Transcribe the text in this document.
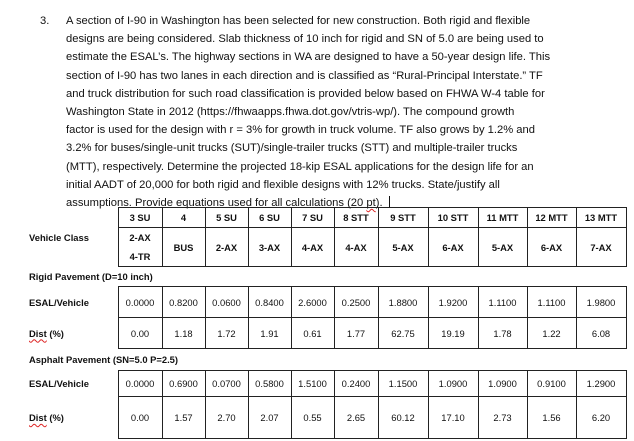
3. A section of I-90 in Washington has been selected for new construction. Both rigid and flexible
designs are being considered. Slab thickness of 10 inch for rigid and SN of 5.0 are being used to
estimate the ESAL’s. The highway sections in WA are designed to have a 50-year design life. This
section of I-90 has two lanes in each direction and is classified as “Rural-Principal Interstate.” TF
and truck distribution for such road classification is provided below based on FHWA W-4 table for
Washington State in 2012 (https://fhwaapps.fhwa.dot.gov/vtris-wp/). The compound growth
factor is used for the design with r = 3% for growth in truck volume. TF also grows by 1.2% and
3.2% for buses/single-unit trucks (SUT)/single-trailer trucks (STT) and multiple-trailer trucks
(MTT), respectively. Determine the projected 18-kip ESAL applications for the design life for an
initial AADT of 20,000 for both rigid and flexible designs with 12% trucks. State/justify all
assumptions. Provide equations used for all calculations (20 pt).
Vehicle Class	3 SU	4	5 SU	6 SU	7 SU	8 STT	9 STT	10 STT	11 MTT	12 MTT	13 MTT

	2-AX
4-TR	BUS	2-AX	3-AX	4-AX	4-AX	5-AX	6-AX	5-AX	6-AX	7-AX
Rigid Pavement (D=10 inch)											
ESAL/Vehicle	0.0000	0.8200	0.0600	0.8400	2.6000	0.2500	1.8800	1.9200	1.1100	1.1100	1.9800
Dist (%)	0.00	1.18	1.72	1.91	0.61	1.77	62.75	19.19	1.78	1.22	6.08
Asphalt Pavement (SN=5.0 P=2.5)											
ESAL/Vehicle	0.0000	0.6900	0.0700	0.5800	1.5100	0.2400	1.1500	1.0900	1.0900	0.9100	1.2900
Dist (%)	0.00	1.57	2.70	2.07	0.55	2.65	60.12	17.10	2.73	1.56	6.20
